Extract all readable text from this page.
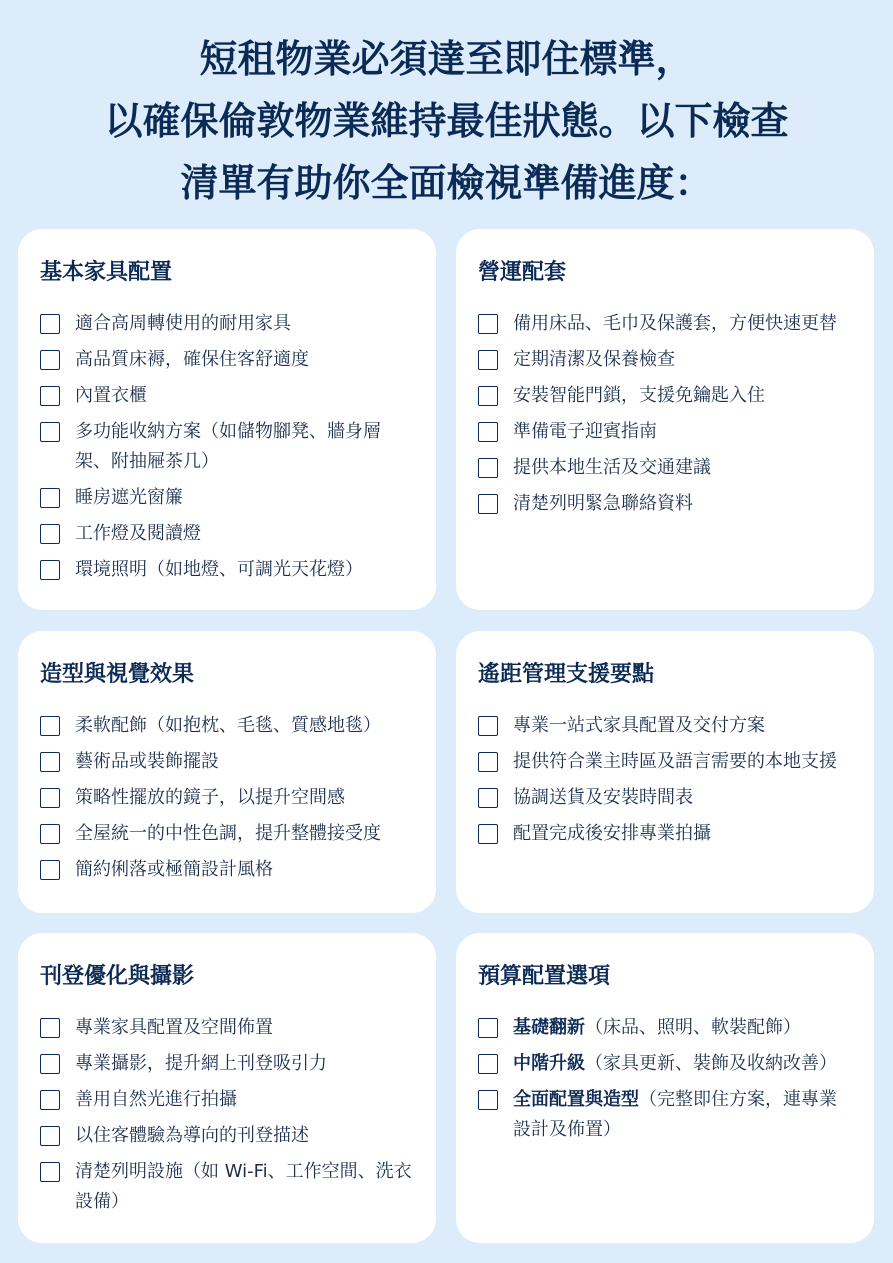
短租物業必須達至即住標準，
以確保倫敦物業維持最佳狀態。以下檢查
清單有助你全面檢視準備進度：
基本家具配置
適合高周轉使用的耐用家具
高品質床褥，確保住客舒適度
內置衣櫃
多功能收納方案（如儲物腳凳、牆身層架、附抽屜茶几）
睡房遮光窗簾
工作燈及閱讀燈
環境照明（如地燈、可調光天花燈）
營運配套
備用床品、毛巾及保護套，方便快速更替
定期清潔及保養檢查
安裝智能門鎖，支援免鑰匙入住
準備電子迎賓指南
提供本地生活及交通建議
清楚列明緊急聯絡資料
造型與視覺效果
柔軟配飾（如抱枕、毛毯、質感地毯）
藝術品或裝飾擺設
策略性擺放的鏡子，以提升空間感
全屋統一的中性色調，提升整體接受度
簡約俐落或極簡設計風格
遙距管理支援要點
專業一站式家具配置及交付方案
提供符合業主時區及語言需要的本地支援
協調送貨及安裝時間表
配置完成後安排專業拍攝
刊登優化與攝影
專業家具配置及空間佈置
專業攝影，提升網上刊登吸引力
善用自然光進行拍攝
以住客體驗為導向的刊登描述
清楚列明設施（如 Wi-Fi、工作空間、洗衣設備）
預算配置選項
基礎翻新（床品、照明、軟裝配飾）
中階升級（家具更新、裝飾及收納改善）
全面配置與造型（完整即住方案，連專業設計及佈置）
